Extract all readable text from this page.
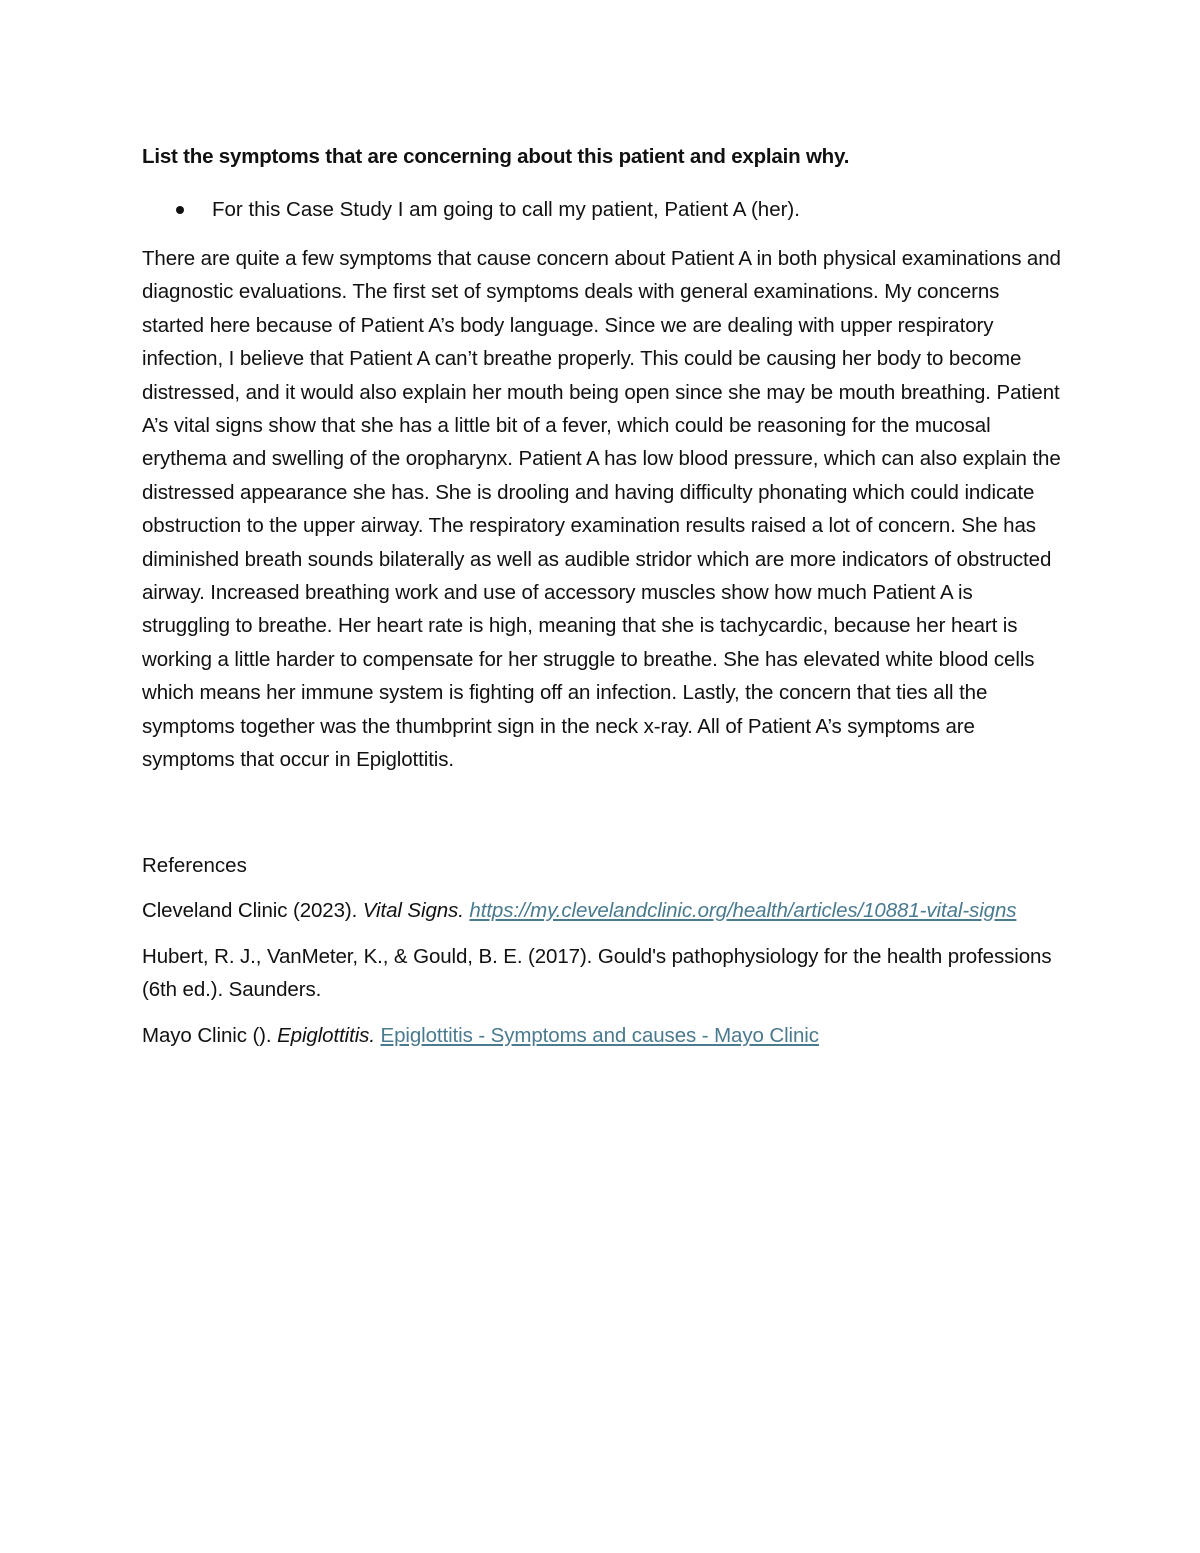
List the symptoms that are concerning about this patient and explain why.

For this Case Study I am going to call my patient, Patient A (her).

There are quite a few symptoms that cause concern about Patient A in both physical examinations and diagnostic evaluations. The first set of symptoms deals with general examinations. My concerns started here because of Patient A’s body language. Since we are dealing with upper respiratory infection, I believe that Patient A can’t breathe properly. This could be causing her body to become distressed, and it would also explain her mouth being open since she may be mouth breathing. Patient A’s vital signs show that she has a little bit of a fever, which could be reasoning for the mucosal erythema and swelling of the oropharynx. Patient A has low blood pressure, which can also explain the distressed appearance she has. She is drooling and having difficulty phonating which could indicate obstruction to the upper airway. The respiratory examination results raised a lot of concern. She has diminished breath sounds bilaterally as well as audible stridor which are more indicators of obstructed airway. Increased breathing work and use of accessory muscles show how much Patient A is struggling to breathe. Her heart rate is high, meaning that she is tachycardic, because her heart is working a little harder to compensate for her struggle to breathe. She has elevated white blood cells which means her immune system is fighting off an infection. Lastly, the concern that ties all the symptoms together was the thumbprint sign in the neck x-ray. All of Patient A’s symptoms are symptoms that occur in Epiglottitis.

References

Cleveland Clinic (2023). Vital Signs. https://my.clevelandclinic.org/health/articles/10881-vital-signs

Hubert, R. J., VanMeter, K., & Gould, B. E. (2017). Gould's pathophysiology for the health professions (6th ed.). Saunders.

Mayo Clinic (). Epiglottitis. Epiglottitis - Symptoms and causes - Mayo Clinic
